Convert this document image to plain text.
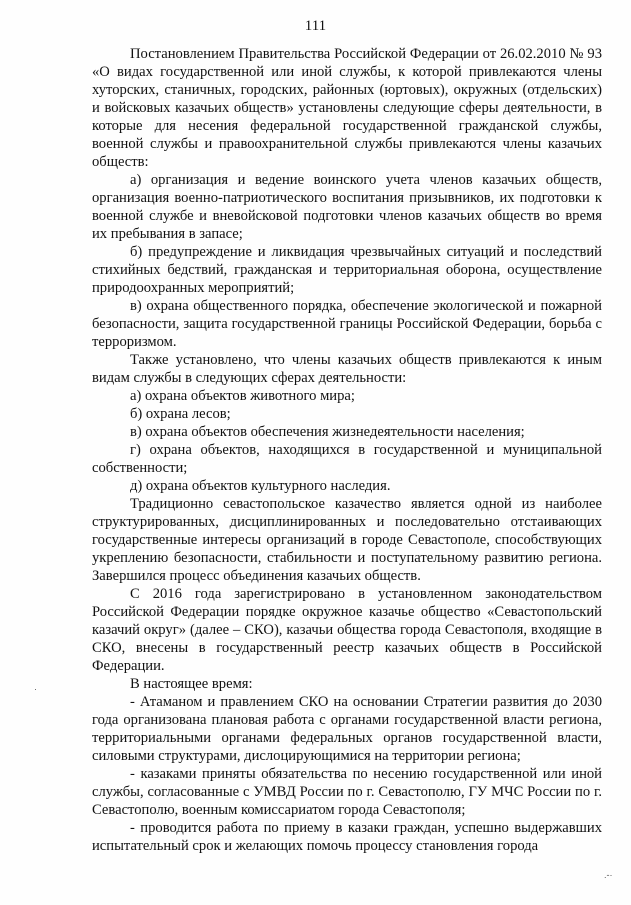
111

Постановлением Правительства Российской Федерации от 26.02.2010 № 93 «О видах государственной или иной службы, к которой привлекаются члены хуторских, станичных, городских, районных (юртовых), окружных (отдельских) и войсковых казачьих обществ» установлены следующие сферы деятельности, в которые для несения федеральной государственной гражданской службы, военной службы и правоохранительной службы привлекаются члены казачьих обществ:

а) организация и ведение воинского учета членов казачьих обществ, организация военно-патриотического воспитания призывников, их подготовки к военной службе и вневойсковой подготовки членов казачьих обществ во время их пребывания в запасе;

б) предупреждение и ликвидация чрезвычайных ситуаций и последствий стихийных бедствий, гражданская и территориальная оборона, осуществление природоохранных мероприятий;

в) охрана общественного порядка, обеспечение экологической и пожарной безопасности, защита государственной границы Российской Федерации, борьба с терроризмом.

Также установлено, что члены казачьих обществ привлекаются к иным видам службы в следующих сферах деятельности:

а) охрана объектов животного мира;

б) охрана лесов;

в) охрана объектов обеспечения жизнедеятельности населения;

г) охрана объектов, находящихся в государственной и муниципальной собственности;

д) охрана объектов культурного наследия.

Традиционно севастопольское казачество является одной из наиболее структурированных, дисциплинированных и последовательно отстаивающих государственные интересы организаций в городе Севастополе, способствующих укреплению безопасности, стабильности и поступательному развитию региона. Завершился процесс объединения казачьих обществ.

С 2016 года зарегистрировано в установленном законодательством Российской Федерации порядке окружное казачье общество «Севастопольский казачий округ» (далее – СКО), казачьи общества города Севастополя, входящие в СКО, внесены в государственный реестр казачьих обществ в Российской Федерации.

В настоящее время:

- Атаманом и правлением СКО на основании Стратегии развития до 2030 года организована плановая работа с органами государственной власти региона, территориальными органами федеральных органов государственной власти, силовыми структурами, дислоцирующимися на территории региона;

- казаками приняты обязательства по несению государственной или иной службы, согласованные с УМВД России по г. Севастополю, ГУ МЧС России по г. Севастополю, военным комиссариатом города Севастополя;

- проводится работа по приему в казаки граждан, успешно выдержавших испытательный срок и желающих помочь процессу становления города

·
.-·
